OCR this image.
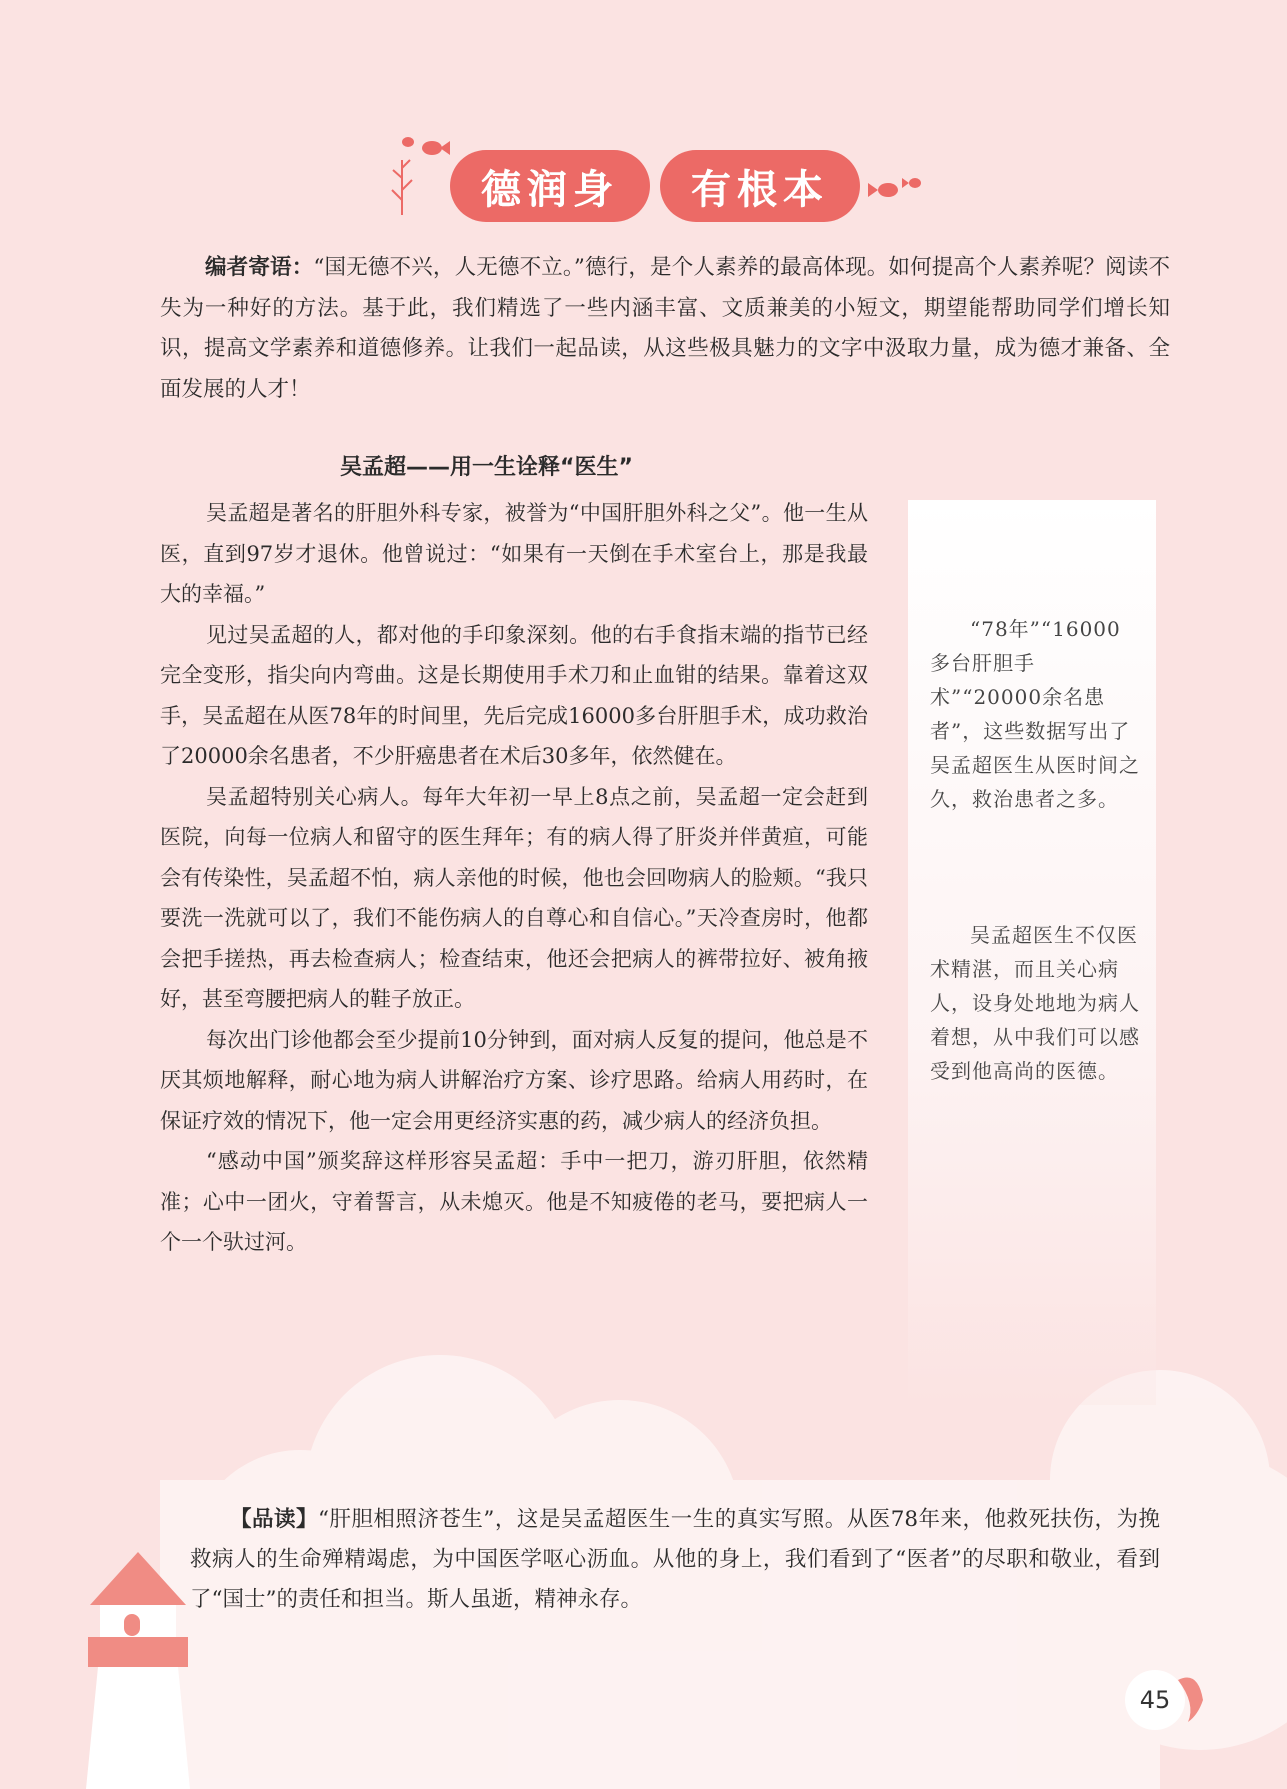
德润身 有根本
编者寄语：“国无德不兴，人无德不立。”德行，是个人素养的最高体现。如何提高个人素养呢？阅读不失为一种好的方法。基于此，我们精选了一些内涵丰富、文质兼美的小短文，期望能帮助同学们增长知识，提高文学素养和道德修养。让我们一起品读，从这些极具魅力的文字中汲取力量，成为德才兼备、全面发展的人才！
吴孟超——用一生诠释“医生”

吴孟超是著名的肝胆外科专家，被誉为“中国肝胆外科之父”。他一生从医，直到97岁才退休。他曾说过：“如果有一天倒在手术室台上，那是我最大的幸福。”

见过吴孟超的人，都对他的手印象深刻。他的右手食指末端的指节已经完全变形，指尖向内弯曲。这是长期使用手术刀和止血钳的结果。靠着这双手，吴孟超在从医78年的时间里，先后完成16000多台肝胆手术，成功救治了20000余名患者，不少肝癌患者在术后30多年，依然健在。

吴孟超特别关心病人。每年大年初一早上8点之前，吴孟超一定会赶到医院，向每一位病人和留守的医生拜年；有的病人得了肝炎并伴黄疸，可能会有传染性，吴孟超不怕，病人亲他的时候，他也会回吻病人的脸颊。“我只要洗一洗就可以了，我们不能伤病人的自尊心和自信心。”天冷查房时，他都会把手搓热，再去检查病人；检查结束，他还会把病人的裤带拉好、被角掖好，甚至弯腰把病人的鞋子放正。

每次出门诊他都会至少提前10分钟到，面对病人反复的提问，他总是不厌其烦地解释，耐心地为病人讲解治疗方案、诊疗思路。给病人用药时，在保证疗效的情况下，他一定会用更经济实惠的药，减少病人的经济负担。

“感动中国”颁奖辞这样形容吴孟超：手中一把刀，游刃肝胆，依然精准；心中一团火，守着誓言，从未熄灭。他是不知疲倦的老马，要把病人一个一个驮过河。

“78年”“16000多台肝胆手术”“20000余名患者”，这些数据写出了吴孟超医生从医时间之久，救治患者之多。
吴孟超医生不仅医术精湛，而且关心病人，设身处地地为病人着想，从中我们可以感受到他高尚的医德。
【品读】“肝胆相照济苍生”，这是吴孟超医生一生的真实写照。从医78年来，他救死扶伤，为挽救病人的生命殚精竭虑，为中国医学呕心沥血。从他的身上，我们看到了“医者”的尽职和敬业，看到了“国士”的责任和担当。斯人虽逝，精神永存。
45
